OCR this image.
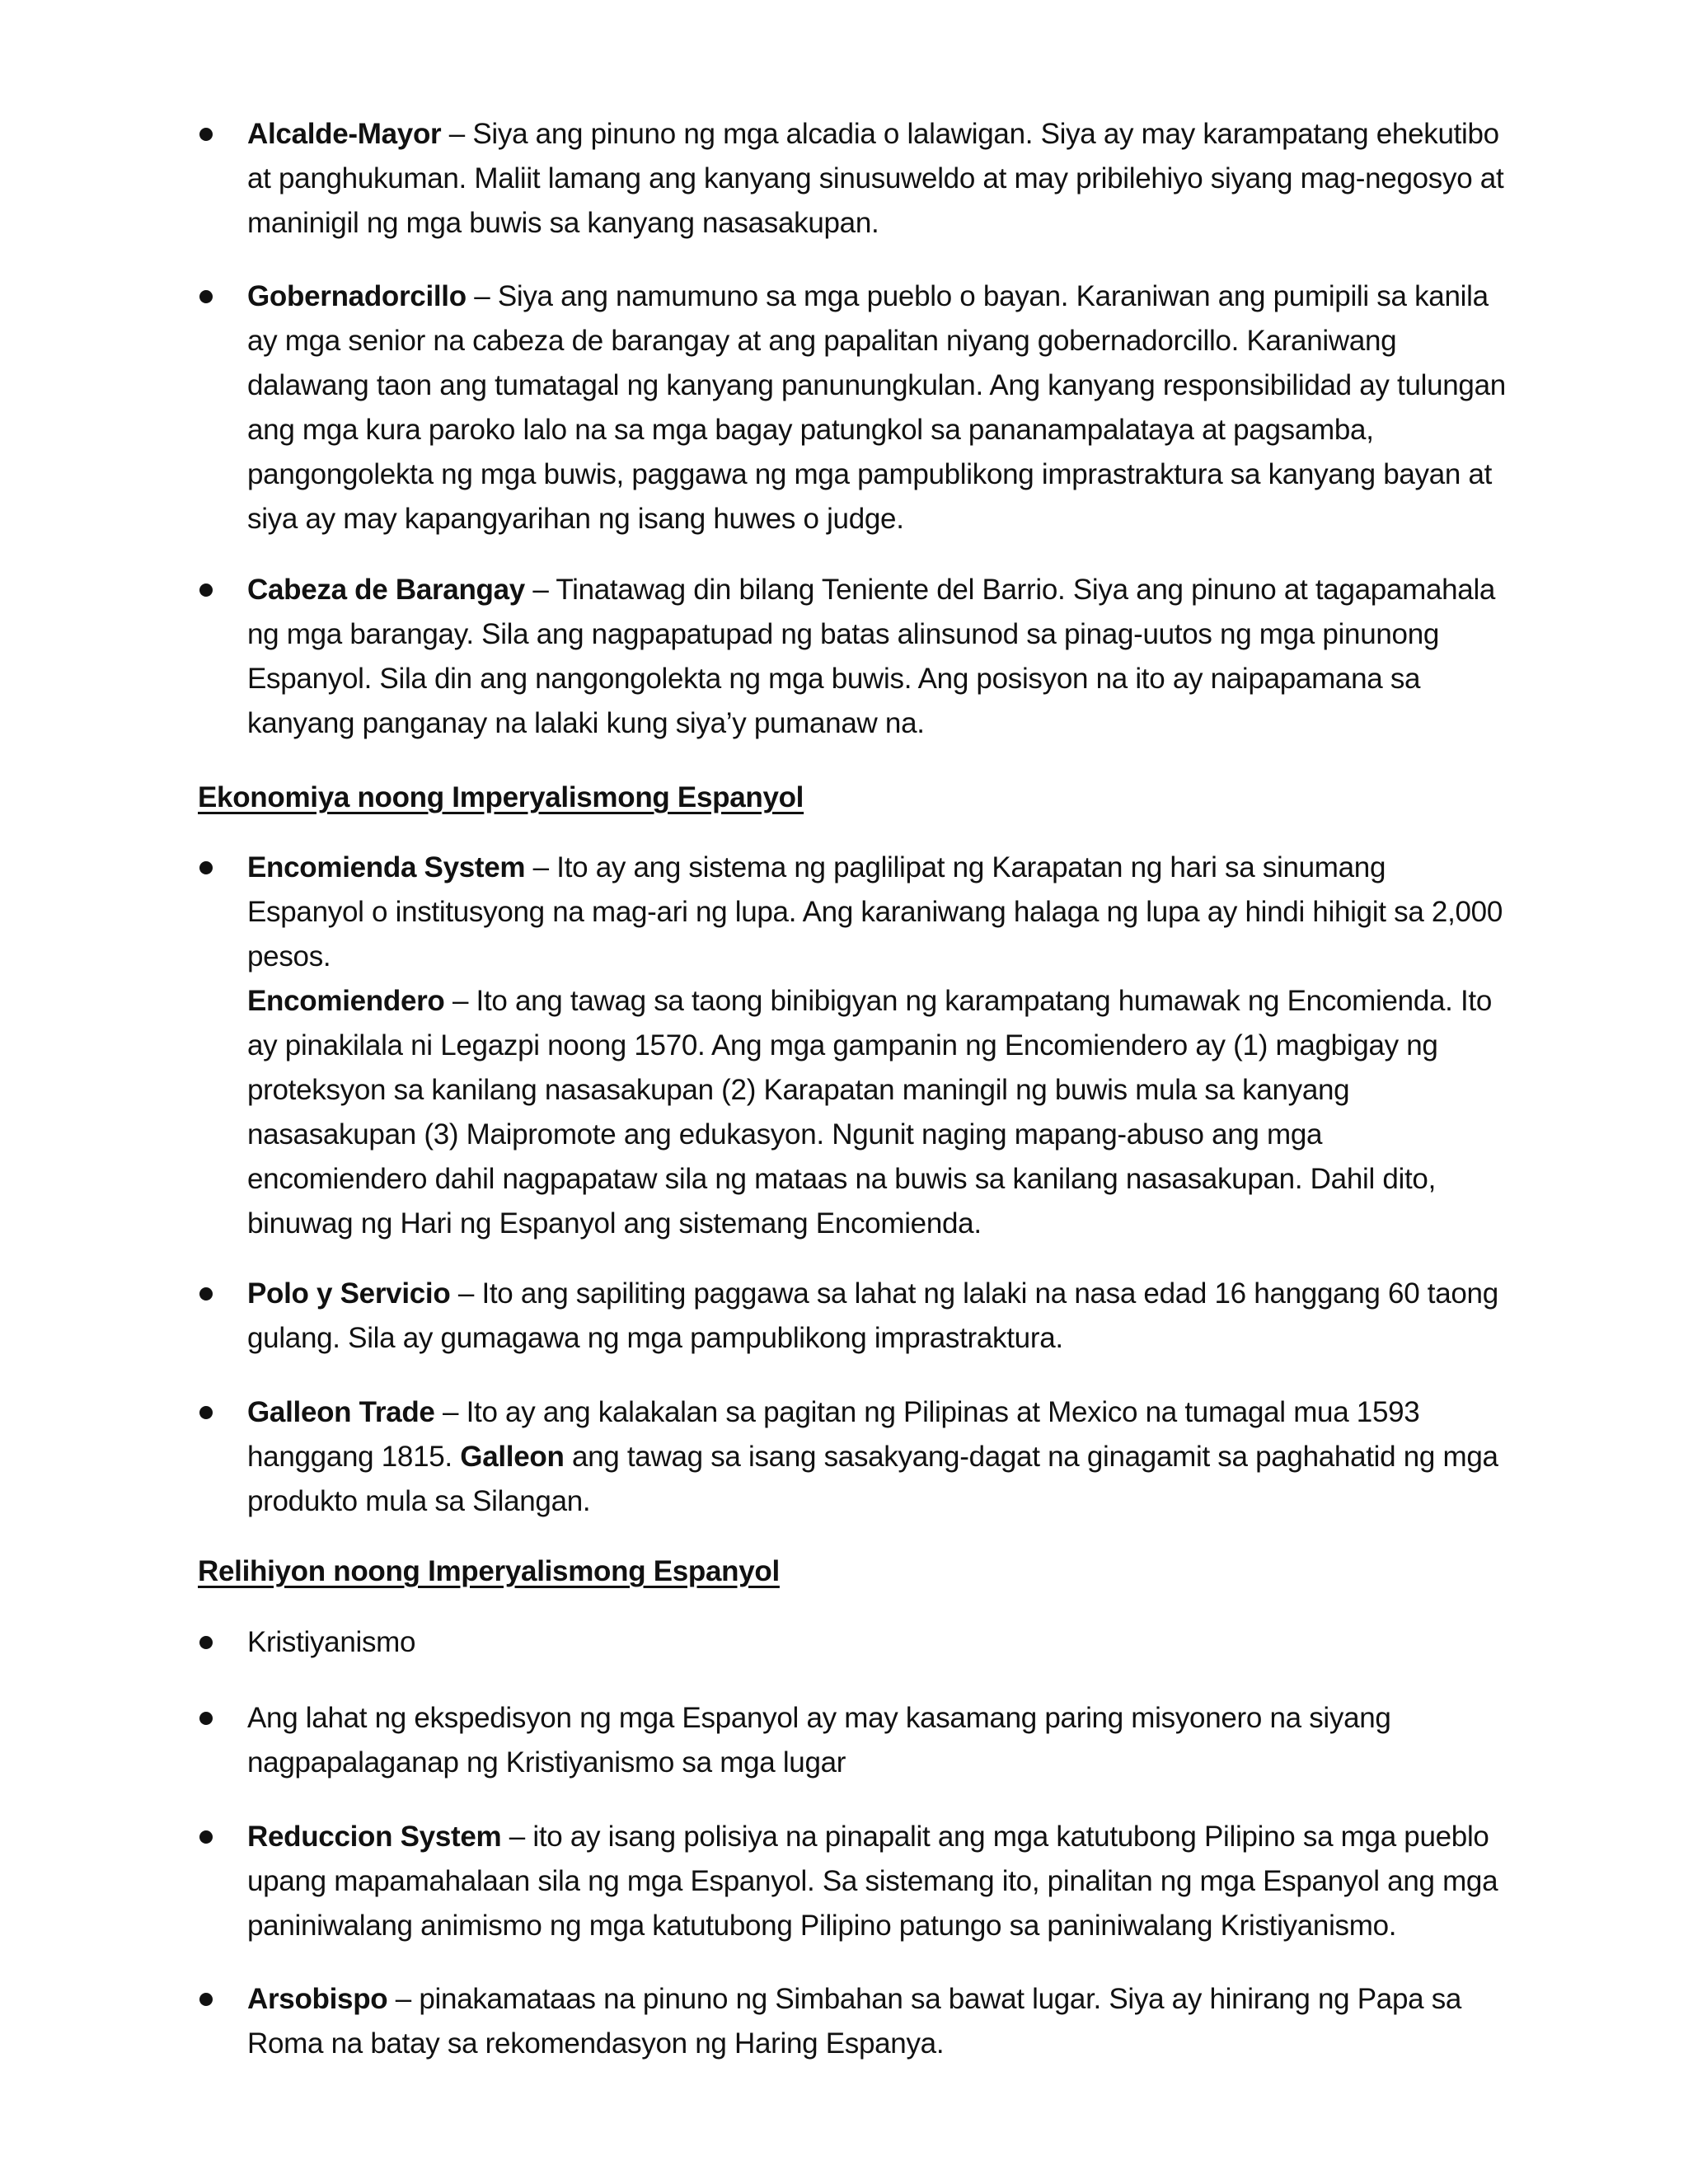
Alcalde-Mayor – Siya ang pinuno ng mga alcadia o lalawigan. Siya ay may karampatang ehekutibo at panghukuman. Maliit lamang ang kanyang sinusuweldo at may pribilehiyo siyang mag-negosyo at maninigil ng mga buwis sa kanyang nasasakupan.

Gobernadorcillo – Siya ang namumuno sa mga pueblo o bayan. Karaniwan ang pumipili sa kanila ay mga senior na cabeza de barangay at ang papalitan niyang gobernadorcillo. Karaniwang dalawang taon ang tumatagal ng kanyang panunungkulan. Ang kanyang responsibilidad ay tulungan ang mga kura paroko lalo na sa mga bagay patungkol sa pananampalataya at pagsamba, pangongolekta ng mga buwis, paggawa ng mga pampublikong imprastraktura sa kanyang bayan at siya ay may kapangyarihan ng isang huwes o judge.

Cabeza de Barangay – Tinatawag din bilang Teniente del Barrio. Siya ang pinuno at tagapamahala ng mga barangay. Sila ang nagpapatupad ng batas alinsunod sa pinag-uutos ng mga pinunong Espanyol. Sila din ang nangongolekta ng mga buwis. Ang posisyon na ito ay naipapamana sa kanyang panganay na lalaki kung siya’y pumanaw na.

Ekonomiya noong Imperyalismong Espanyol

Encomienda System – Ito ay ang sistema ng paglilipat ng Karapatan ng hari sa sinumang Espanyol o institusyong na mag-ari ng lupa. Ang karaniwang halaga ng lupa ay hindi hihigit sa 2,000 pesos.

Encomiendero – Ito ang tawag sa taong binibigyan ng karampatang humawak ng Encomienda. Ito ay pinakilala ni Legazpi noong 1570. Ang mga gampanin ng Encomiendero ay (1) magbigay ng proteksyon sa kanilang nasasakupan (2) Karapatan maningil ng buwis mula sa kanyang nasasakupan (3) Maipromote ang edukasyon. Ngunit naging mapang-abuso ang mga encomiendero dahil nagpapataw sila ng mataas na buwis sa kanilang nasasakupan. Dahil dito, binuwag ng Hari ng Espanyol ang sistemang Encomienda.

Polo y Servicio – Ito ang sapiliting paggawa sa lahat ng lalaki na nasa edad 16 hanggang 60 taong gulang. Sila ay gumagawa ng mga pampublikong imprastraktura.

Galleon Trade – Ito ay ang kalakalan sa pagitan ng Pilipinas at Mexico na tumagal mua 1593 hanggang 1815. Galleon ang tawag sa isang sasakyang-dagat na ginagamit sa paghahatid ng mga produkto mula sa Silangan.

Relihiyon noong Imperyalismong Espanyol

Kristiyanismo

Ang lahat ng ekspedisyon ng mga Espanyol ay may kasamang paring misyonero na siyang nagpapalaganap ng Kristiyanismo sa mga lugar

Reduccion System – ito ay isang polisiya na pinapalit ang mga katutubong Pilipino sa mga pueblo upang mapamahalaan sila ng mga Espanyol. Sa sistemang ito, pinalitan ng mga Espanyol ang mga paniniwalang animismo ng mga katutubong Pilipino patungo sa paniniwalang Kristiyanismo.

Arsobispo – pinakamataas na pinuno ng Simbahan sa bawat lugar. Siya ay hinirang ng Papa sa Roma na batay sa rekomendasyon ng Haring Espanya.
